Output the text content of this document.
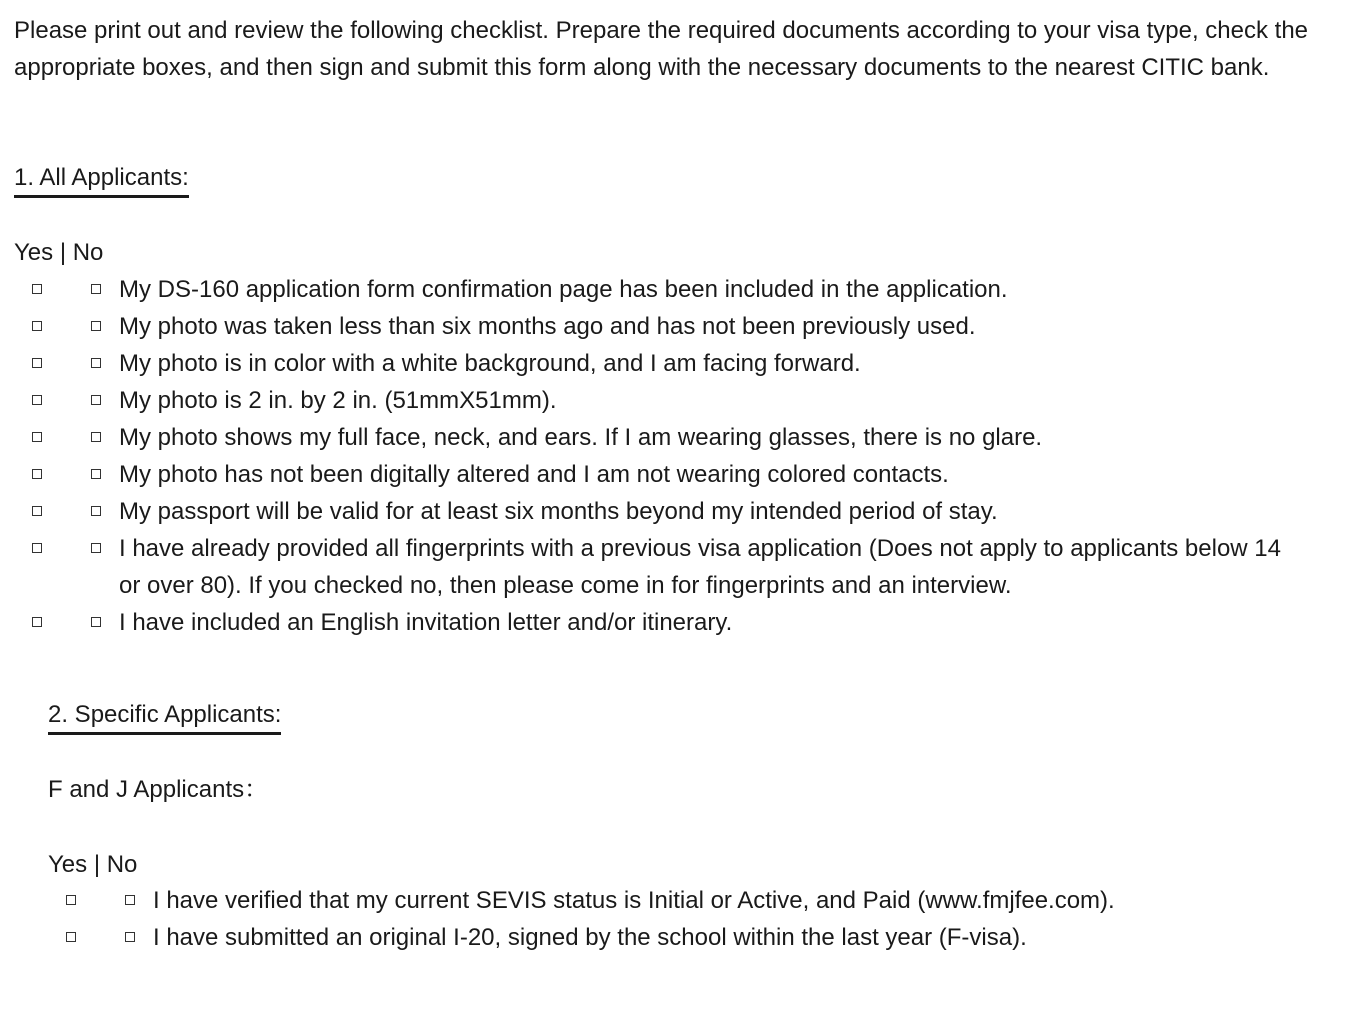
Please print out and review the following checklist. Prepare the required documents according to your visa type, check the appropriate boxes, and then sign and submit this form along with the necessary documents to the nearest CITIC bank.

1. All Applicants:

Yes | No

My DS-160 application form confirmation page has been included in the application.
My photo was taken less than six months ago and has not been previously used.
My photo is in color with a white background, and I am facing forward.
My photo is 2 in. by 2 in. (51mmX51mm).
My photo shows my full face, neck, and ears. If I am wearing glasses, there is no glare.
My photo has not been digitally altered and I am not wearing colored contacts.
My passport will be valid for at least six months beyond my intended period of stay.
I have already provided all fingerprints with a previous visa application (Does not apply to applicants below 14 or over 80). If you checked no, then please come in for fingerprints and an interview.
I have included an English invitation letter and/or itinerary.

2. Specific Applicants:

F and J Applicants：

Yes | No

I have verified that my current SEVIS status is Initial or Active, and Paid (www.fmjfee.com).
I have submitted an original I-20, signed by the school within the last year (F-visa).
